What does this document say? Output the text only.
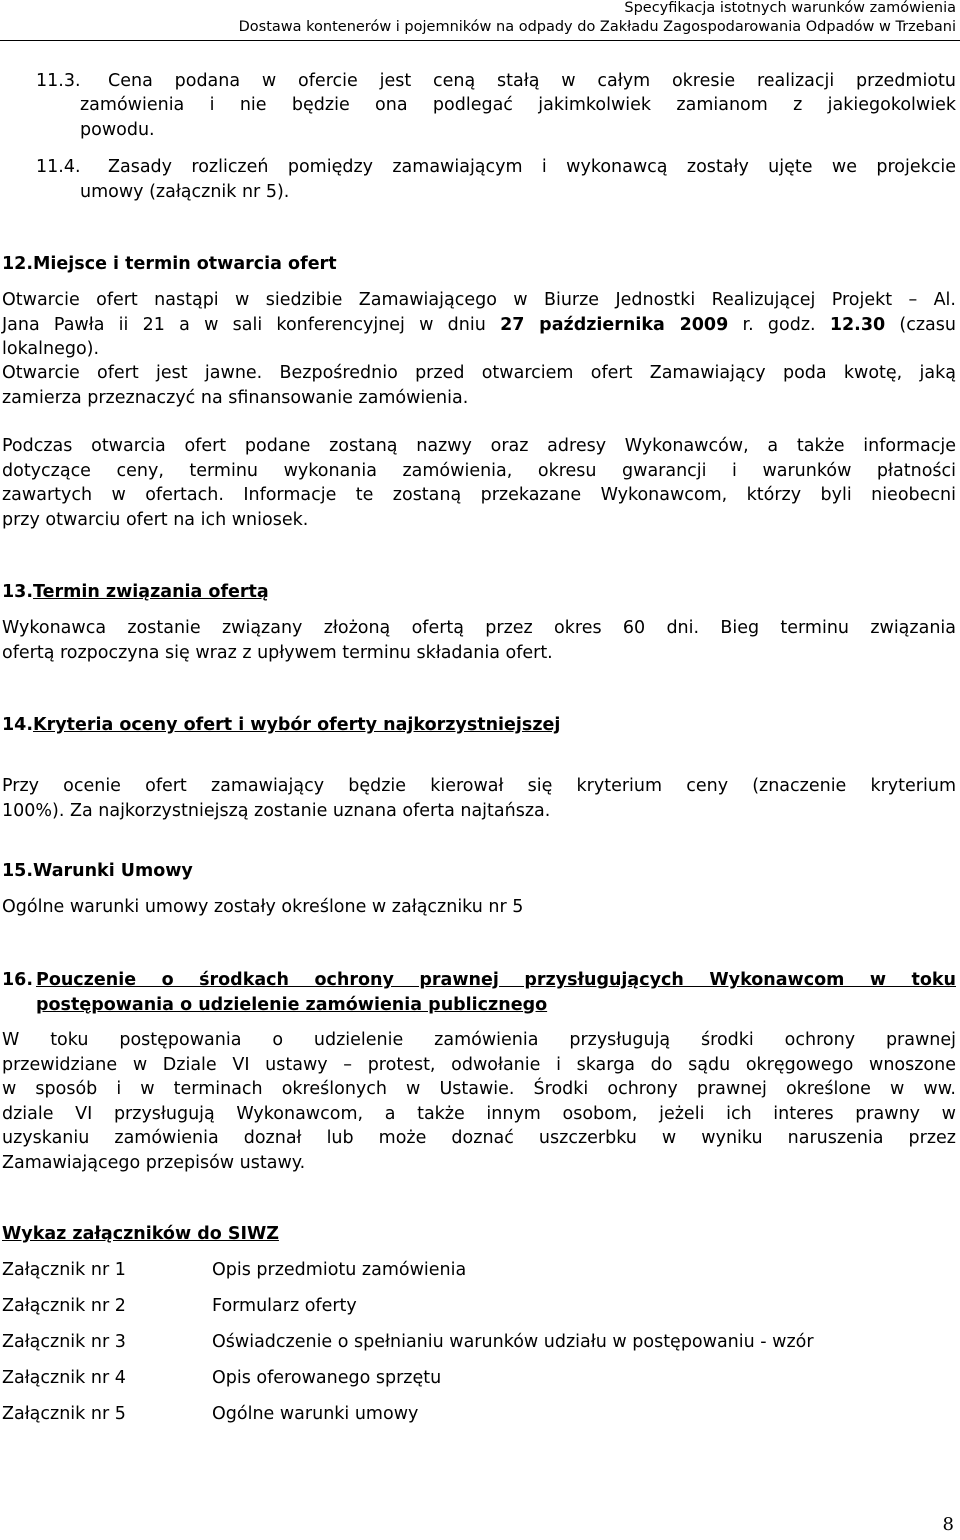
Specyfikacja istotnych warunków zamówienia
Dostawa kontenerów i pojemników na odpady do Zakładu Zagospodarowania Odpadów w Trzebani
11.3.	Cena podana w ofercie jest ceną stałą w całym okresie realizacji przedmiotu
zamówienia i nie będzie ona podlegać jakimkolwiek zamianom z jakiegokolwiek
powodu.
11.4.	Zasady rozliczeń pomiędzy zamawiającym i wykonawcą zostały ujęte we projekcie
umowy (załącznik nr 5).
12.Miejsce i termin otwarcia ofert
Otwarcie ofert nastąpi w siedzibie Zamawiającego w Biurze Jednostki Realizującej Projekt – Al.
Jana Pawła ii 21 a w sali konferencyjnej w dniu 27 października 2009 r. godz. 12.30 (czasu
lokalnego).
Otwarcie ofert jest jawne. Bezpośrednio przed otwarciem ofert Zamawiający poda kwotę, jaką
zamierza przeznaczyć na sfinansowanie zamówienia.
Podczas otwarcia ofert podane zostaną nazwy oraz adresy Wykonawców, a także informacje
dotyczące ceny, terminu wykonania zamówienia, okresu gwarancji i warunków płatności
zawartych w ofertach. Informacje te zostaną przekazane Wykonawcom, którzy byli nieobecni
przy otwarciu ofert na ich wniosek.
13.Termin związania ofertą
Wykonawca zostanie związany złożoną ofertą przez okres 60 dni. Bieg terminu związania
ofertą rozpoczyna się wraz z upływem terminu składania ofert.
14.Kryteria oceny ofert i wybór oferty najkorzystniejszej
Przy ocenie ofert zamawiający będzie kierował się kryterium ceny (znaczenie kryterium
100%). Za najkorzystniejszą zostanie uznana oferta najtańsza.
15.Warunki Umowy
Ogólne warunki umowy zostały określone w załączniku nr 5
16. Pouczenie o środkach ochrony prawnej przysługujących Wykonawcom w toku
postępowania o udzielenie zamówienia publicznego
W toku postępowania o udzielenie zamówienia przysługują środki ochrony prawnej
przewidziane w Dziale VI ustawy – protest, odwołanie i skarga do sądu okręgowego wnoszone
w sposób i w terminach określonych w Ustawie. Środki ochrony prawnej określone w ww.
dziale VI przysługują Wykonawcom, a także innym osobom, jeżeli ich interes prawny w
uzyskaniu zamówienia doznał lub może doznać uszczerbku w wyniku naruszenia przez
Zamawiającego przepisów ustawy.
Wykaz załączników do SIWZ
Załącznik nr 1	Opis przedmiotu zamówienia
Załącznik nr 2	Formularz oferty
Załącznik nr 3	Oświadczenie o spełnianiu warunków udziału w postępowaniu - wzór
Załącznik nr 4	Opis oferowanego sprzętu
Załącznik nr 5	Ogólne warunki umowy
8
